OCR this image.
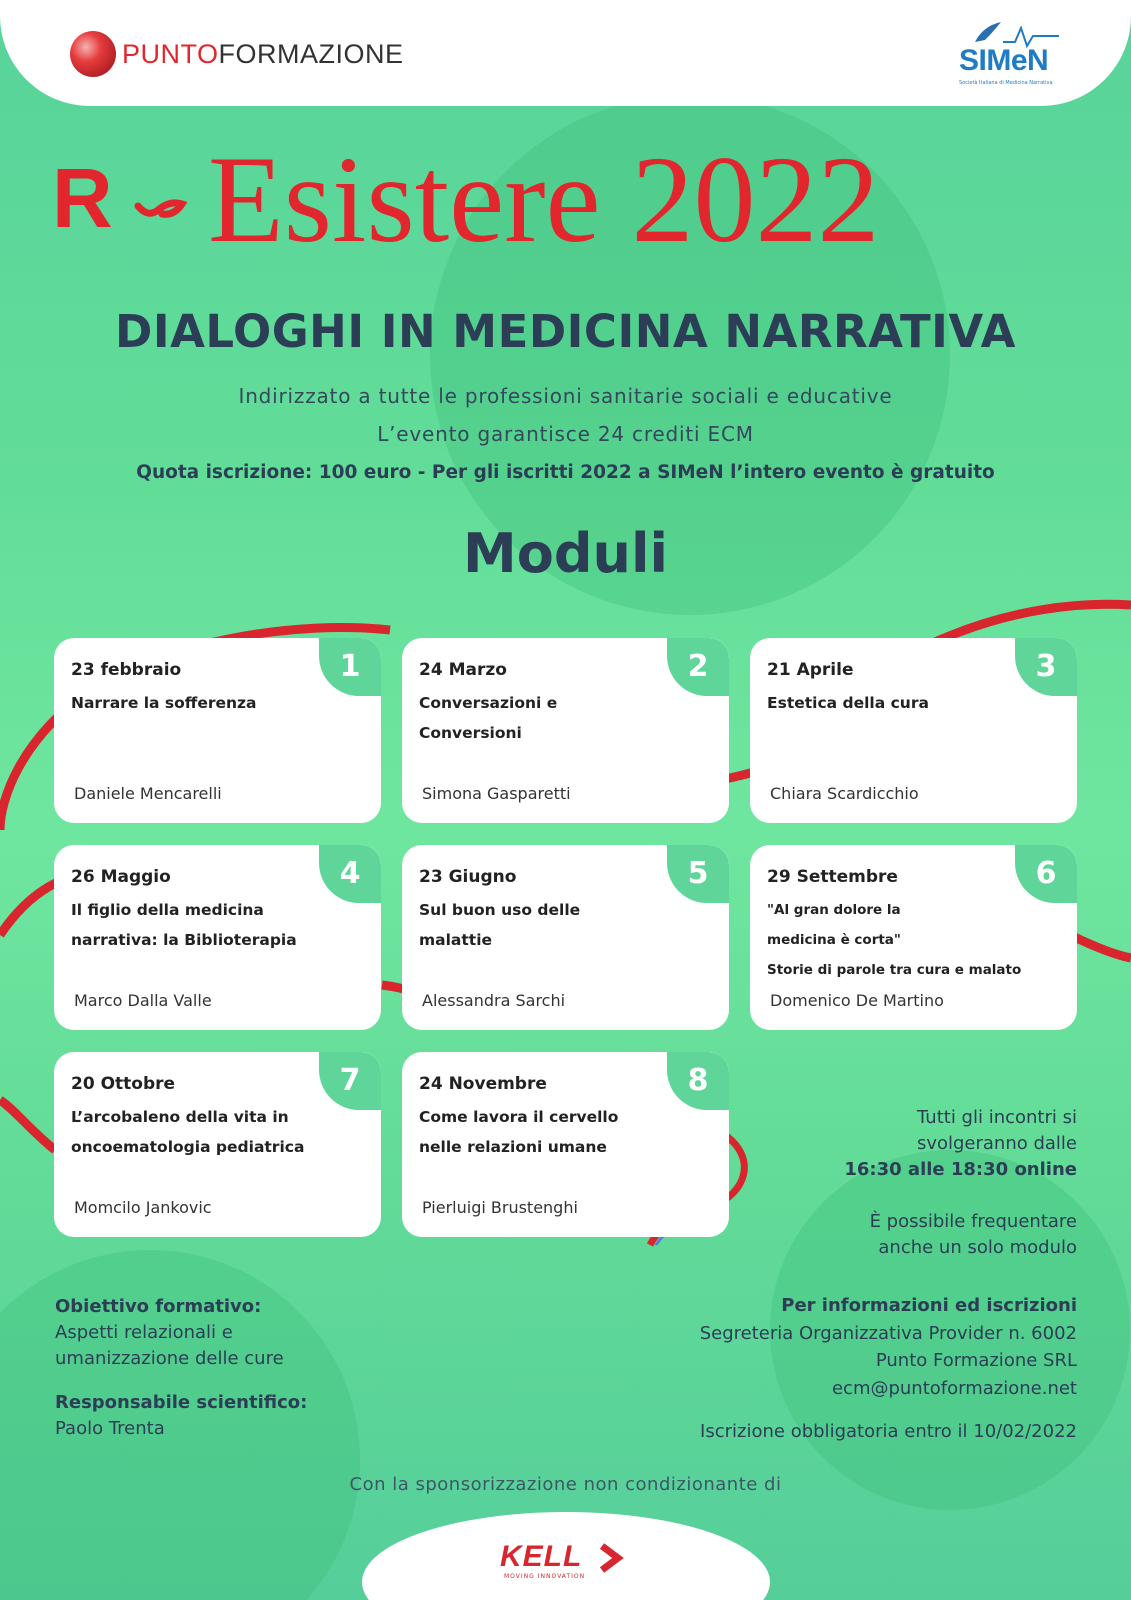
PUNTOFORMAZIONE	SIMeN
Società Italiana di Medicina Narrativa
R Esistere 2022
DIALOGHI IN MEDICINA NARRATIVA
Indirizzato a tutte le professioni sanitarie sociali e educative
L’evento garantisce 24 crediti ECM
Quota iscrizione: 100 euro - Per gli iscritti 2022 a SIMeN l’intero evento è gratuito
Moduli
1
23 febbraio
Narrare la sofferenza
Daniele Mencarelli
2
24 Marzo
Conversazioni e Conversioni
Simona Gasparetti
3
21 Aprile
Estetica della cura
Chiara Scardicchio
4
26 Maggio
Il figlio della medicina narrativa: la Biblioterapia
Marco Dalla Valle
5
23 Giugno
Sul buon uso delle malattie
Alessandra Sarchi
6
29 Settembre
"Al gran dolore la medicina è corta"
Storie di parole tra cura e malato
Domenico De Martino
7
20 Ottobre
L’arcobaleno della vita in oncoematologia pediatrica
Momcilo Jankovic
8
24 Novembre
Come lavora il cervello nelle relazioni umane
Pierluigi Brustenghi
Tutti gli incontri si
svolgeranno dalle
16:30 alle 18:30 online
È possibile frequentare
anche un solo modulo
Obiettivo formativo:
Aspetti relazionali e
umanizzazione delle cure
Responsabile scientifico:
Paolo Trenta
Per informazioni ed iscrizioni
Segreteria Organizzativa Provider n. 6002
Punto Formazione SRL
ecm@puntoformazione.net
Iscrizione obbligatoria entro il 10/02/2022
Con la sponsorizzazione non condizionante di
KELL
MOVING INNOVATION
